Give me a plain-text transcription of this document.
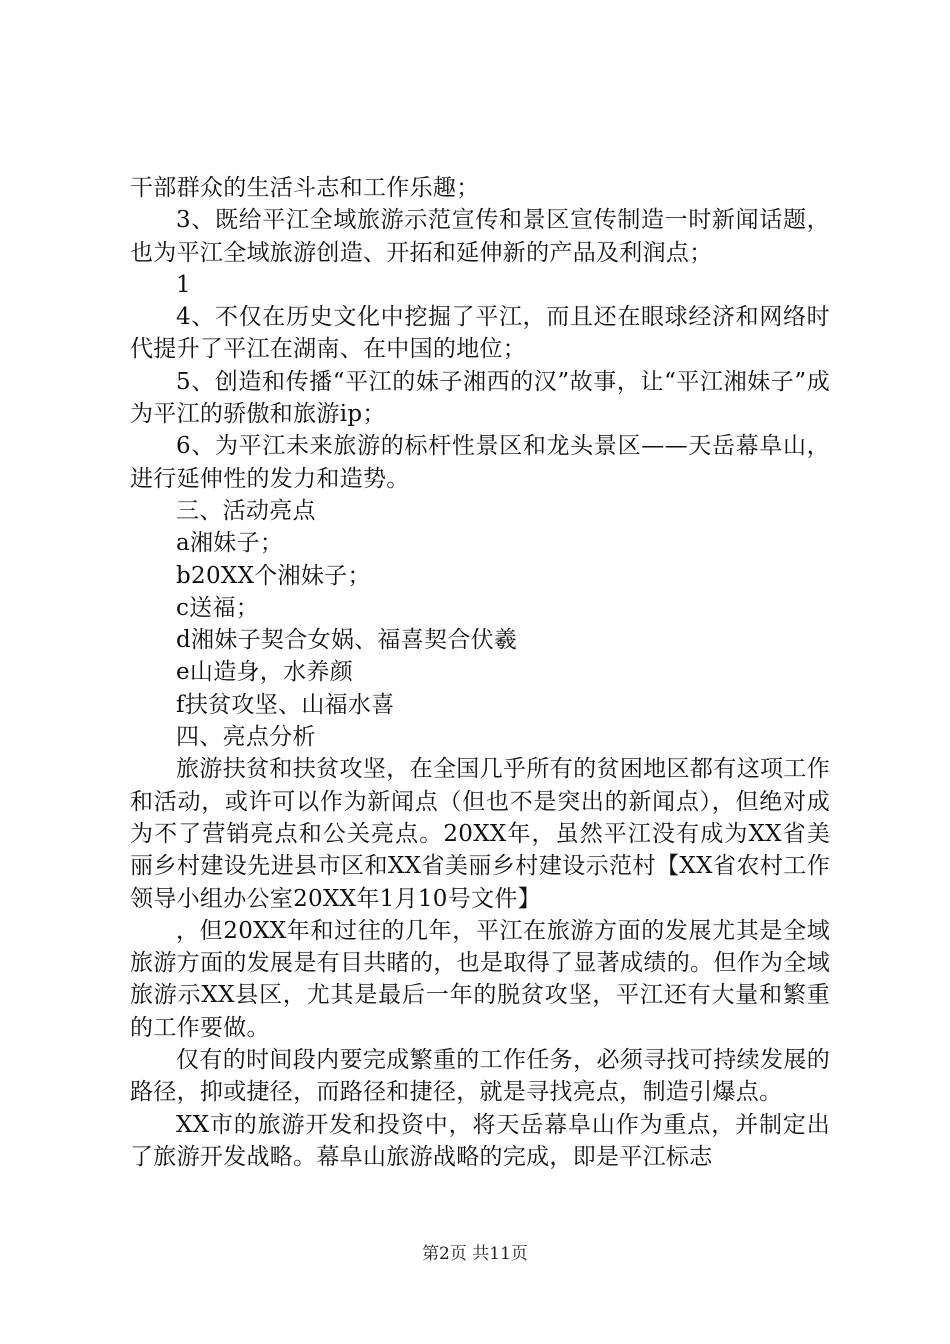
干部群众的生活斗志和工作乐趣；

3、既给平江全域旅游示范宣传和景区宣传制造一时新闻话题，也为平江全域旅游创造、开拓和延伸新的产品及利润点；

1

4、不仅在历史文化中挖掘了平江，而且还在眼球经济和网络时代提升了平江在湖南、在中国的地位；

5、创造和传播“平江的妹子湘西的汉”故事，让“平江湘妹子”成为平江的骄傲和旅游ip；

6、为平江未来旅游的标杆性景区和龙头景区——天岳幕阜山，进行延伸性的发力和造势。

三、活动亮点

a湘妹子；

b20XX个湘妹子；

c送福；

d湘妹子契合女娲、福喜契合伏羲

e山造身，水养颜

f扶贫攻坚、山福水喜

四、亮点分析

旅游扶贫和扶贫攻坚，在全国几乎所有的贫困地区都有这项工作和活动，或许可以作为新闻点（但也不是突出的新闻点），但绝对成为不了营销亮点和公关亮点。20XX年，虽然平江没有成为XX省美丽乡村建设先进县市区和XX省美丽乡村建设示范村【XX省农村工作领导小组办公室20XX年1月10号文件】

，但20XX年和过往的几年，平江在旅游方面的发展尤其是全域旅游方面的发展是有目共睹的，也是取得了显著成绩的。但作为全域旅游示XX县区，尤其是最后一年的脱贫攻坚，平江还有大量和繁重的工作要做。

仅有的时间段内要完成繁重的工作任务，必须寻找可持续发展的路径，抑或捷径，而路径和捷径，就是寻找亮点，制造引爆点。

XX市的旅游开发和投资中，将天岳幕阜山作为重点，并制定出了旅游开发战略。幕阜山旅游战略的完成，即是平江标志

第2页 共11页
